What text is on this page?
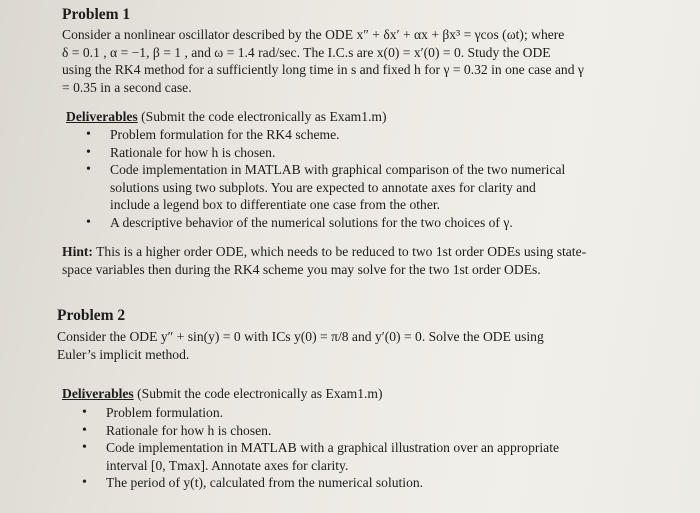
Problem 1
Consider a nonlinear oscillator described by the ODE x″ + δx′ + αx + βx³ = γcos (ωt); where
δ = 0.1 , α = −1, β = 1 , and ω = 1.4 rad/sec. The I.C.s are x(0) = x′(0) = 0. Study the ODE
using the RK4 method for a sufficiently long time in s and fixed h for γ = 0.32 in one case and γ
= 0.35 in a second case.
Deliverables (Submit the code electronically as Exam1.m)
• Problem formulation for the RK4 scheme.
• Rationale for how h is chosen.
• Code implementation in MATLAB with graphical comparison of the two numerical
solutions using two subplots. You are expected to annotate axes for clarity and
include a legend box to differentiate one case from the other.
• A descriptive behavior of the numerical solutions for the two choices of γ.
Hint: This is a higher order ODE, which needs to be reduced to two 1st order ODEs using state-
space variables then during the RK4 scheme you may solve for the two 1st order ODEs.
Problem 2
Consider the ODE y″ + sin(y) = 0 with ICs y(0) = π/8 and y′(0) = 0. Solve the ODE using
Euler’s implicit method.
Deliverables (Submit the code electronically as Exam1.m)
• Problem formulation.
• Rationale for how h is chosen.
• Code implementation in MATLAB with a graphical illustration over an appropriate
interval [0, Tmax]. Annotate axes for clarity.
• The period of y(t), calculated from the numerical solution.
